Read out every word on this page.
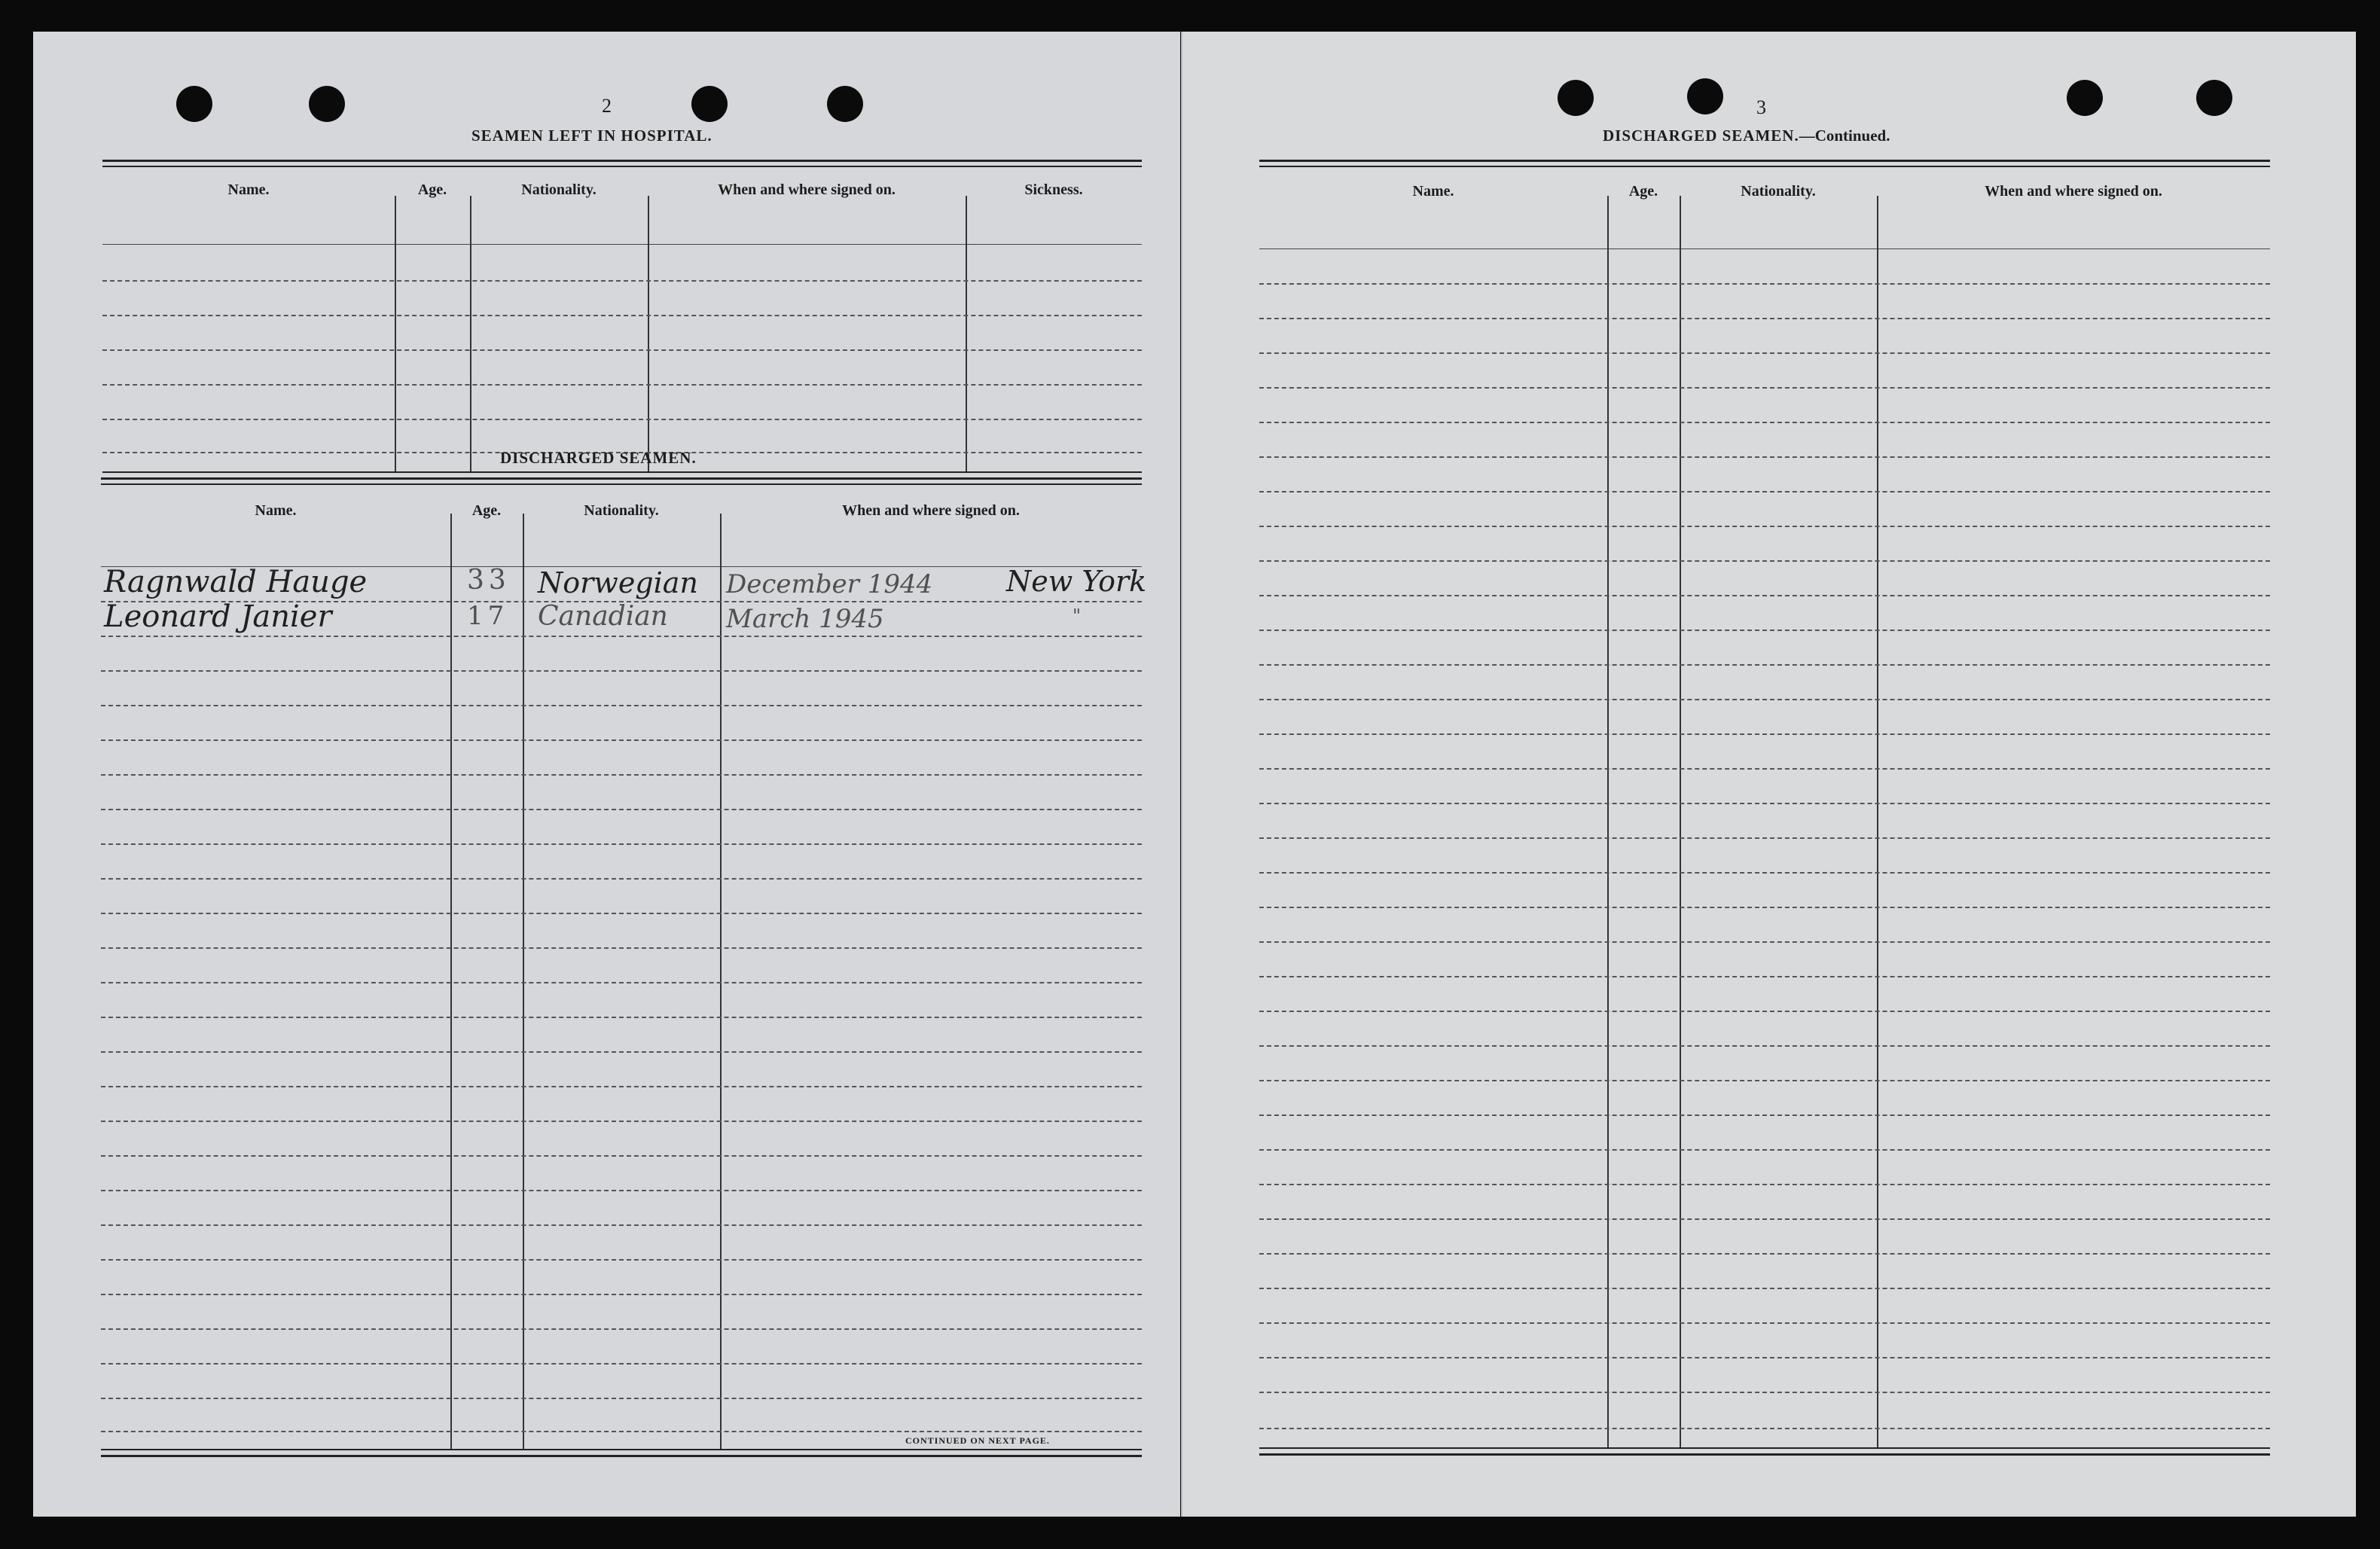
2
SEAMEN LEFT IN HOSPITAL.
Name.	Age.	Nationality.	When and where signed on.	Sickness.
DISCHARGED SEAMEN.
Name.	Age.	Nationality.	When and where signed on.
Ragnwald Hauge	33 Norwegian December 1944	New York
Leonard Janier	17 Canadian March 1945	"
CONTINUED ON NEXT PAGE.
3
DISCHARGED SEAMEN.—Continued.
Name.	Age.	Nationality.	When and where signed on.
